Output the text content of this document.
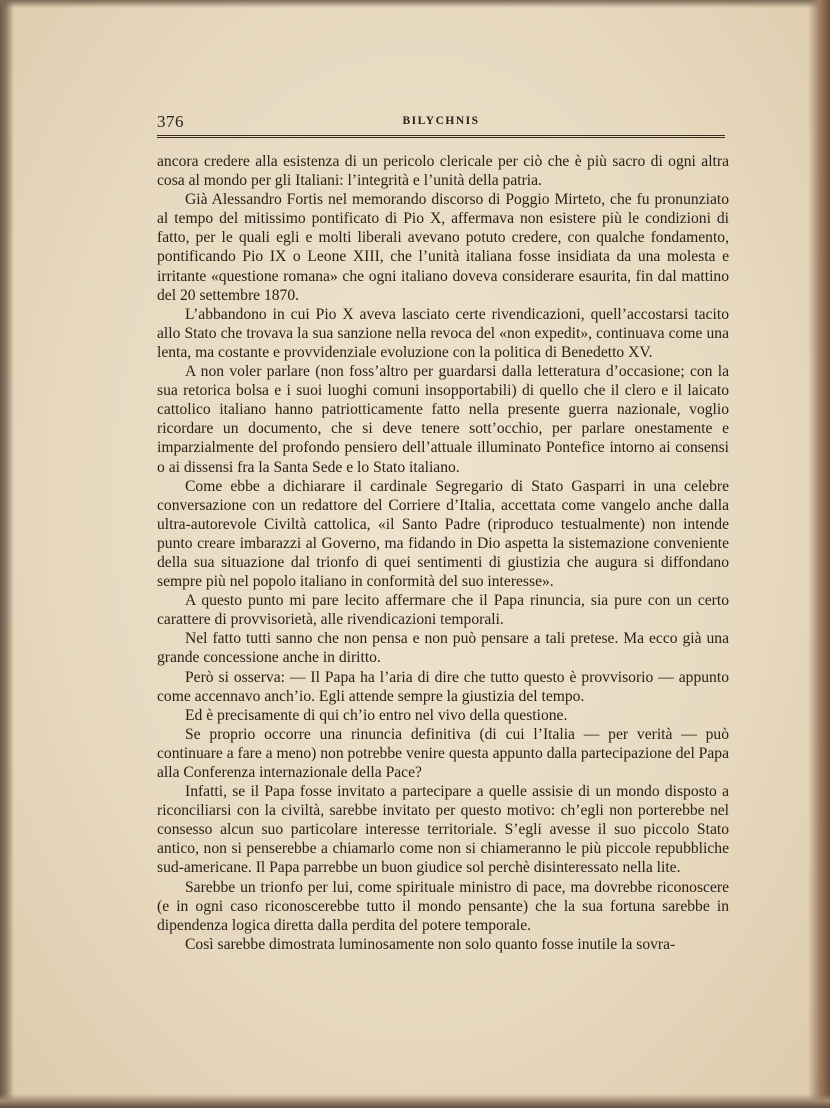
376	BILYCHNIS

ancora credere alla esistenza di un pericolo clericale per ciò che è più sacro di ogni altra cosa al mondo per gli Italiani: l’integrità e l’unità della patria.

Già Alessandro Fortis nel memorando discorso di Poggio Mirteto, che fu pronunziato al tempo del mitissimo pontificato di Pio X, affermava non esistere più le condizioni di fatto, per le quali egli e molti liberali avevano potuto credere, con qualche fondamento, pontificando Pio IX o Leone XIII, che l’unità italiana fosse insidiata da una molesta e irritante «questione romana» che ogni italiano doveva considerare esaurita, fin dal mattino del 20 settembre 1870.

L’abbandono in cui Pio X aveva lasciato certe rivendicazioni, quell’accostarsi tacito allo Stato che trovava la sua sanzione nella revoca del «non expedit», continuava come una lenta, ma costante e provvidenziale evoluzione con la politica di Benedetto XV.

A non voler parlare (non foss’altro per guardarsi dalla letteratura d’occasione; con la sua retorica bolsa e i suoi luoghi comuni insopportabili) di quello che il clero e il laicato cattolico italiano hanno patriotticamente fatto nella presente guerra nazionale, voglio ricordare un documento, che si deve tenere sott’occhio, per parlare onestamente e imparzialmente del profondo pensiero dell’attuale illuminato Pontefice intorno ai consensi o ai dissensi fra la Santa Sede e lo Stato italiano.

Come ebbe a dichiarare il cardinale Segregario di Stato Gasparri in una celebre conversazione con un redattore del Corriere d’Italia, accettata come vangelo anche dalla ultra-autorevole Civiltà cattolica, «il Santo Padre (riproduco testualmente) non intende punto creare imbarazzi al Governo, ma fidando in Dio aspetta la sistemazione conveniente della sua situazione dal trionfo di quei sentimenti di giustizia che augura si diffondano sempre più nel popolo italiano in conformità del suo interesse».

A questo punto mi pare lecito affermare che il Papa rinuncia, sia pure con un certo carattere di provvisorietà, alle rivendicazioni temporali.

Nel fatto tutti sanno che non pensa e non può pensare a tali pretese. Ma ecco già una grande concessione anche in diritto.

Però si osserva: — Il Papa ha l’aria di dire che tutto questo è provvisorio — appunto come accennavo anch’io. Egli attende sempre la giustizia del tempo.

Ed è precisamente di qui ch’io entro nel vivo della questione.

Se proprio occorre una rinuncia definitiva (di cui l’Italia — per verità — può continuare a fare a meno) non potrebbe venire questa appunto dalla partecipazione del Papa alla Conferenza internazionale della Pace?

Infatti, se il Papa fosse invitato a partecipare a quelle assisie di un mondo disposto a riconciliarsi con la civiltà, sarebbe invitato per questo motivo: ch’egli non porterebbe nel consesso alcun suo particolare interesse territoriale. S’egli avesse il suo piccolo Stato antico, non si penserebbe a chiamarlo come non si chiameranno le più piccole repubbliche sud-americane. Il Papa parrebbe un buon giudice sol perchè disinteressato nella lite.

Sarebbe un trionfo per lui, come spirituale ministro di pace, ma dovrebbe riconoscere (e in ogni caso riconoscerebbe tutto il mondo pensante) che la sua fortuna sarebbe in dipendenza logica diretta dalla perdita del potere temporale.

Così sarebbe dimostrata luminosamente non solo quanto fosse inutile la sovra-
